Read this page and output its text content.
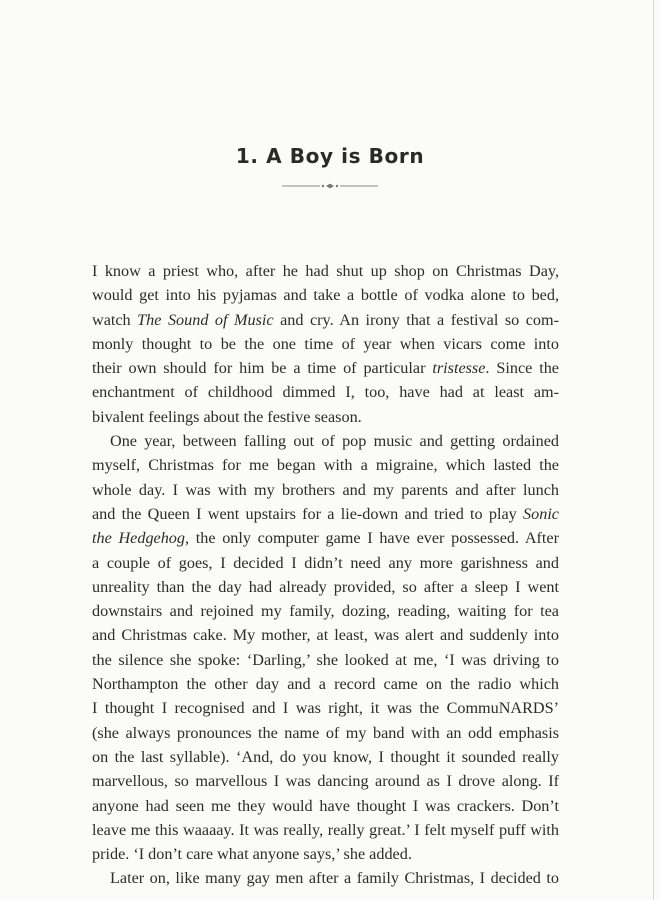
1. A Boy is Born
I know a priest who, after he had shut up shop on Christmas Day,
would get into his pyjamas and take a bottle of vodka alone to bed,
watch The Sound of Music and cry. An irony that a festival so com-
monly thought to be the one time of year when vicars come into
their own should for him be a time of particular tristesse. Since the
enchantment of childhood dimmed I, too, have had at least am-
bivalent feelings about the festive season.
One year, between falling out of pop music and getting ordained
myself, Christmas for me began with a migraine, which lasted the
whole day. I was with my brothers and my parents and after lunch
and the Queen I went upstairs for a lie-down and tried to play Sonic
the Hedgehog, the only computer game I have ever possessed. After
a couple of goes, I decided I didn’t need any more garishness and
unreality than the day had already provided, so after a sleep I went
downstairs and rejoined my family, dozing, reading, waiting for tea
and Christmas cake. My mother, at least, was alert and suddenly into
the silence she spoke: ‘Darling,’ she looked at me, ‘I was driving to
Northampton the other day and a record came on the radio which
I thought I recognised and I was right, it was the CommuNARDS’
(she always pronounces the name of my band with an odd emphasis
on the last syllable). ‘And, do you know, I thought it sounded really
marvellous, so marvellous I was dancing around as I drove along. If
anyone had seen me they would have thought I was crackers. Don’t
leave me this waaaay. It was really, really great.’ I felt myself puff with
pride. ‘I don’t care what anyone says,’ she added.
Later on, like many gay men after a family Christmas, I decided to
